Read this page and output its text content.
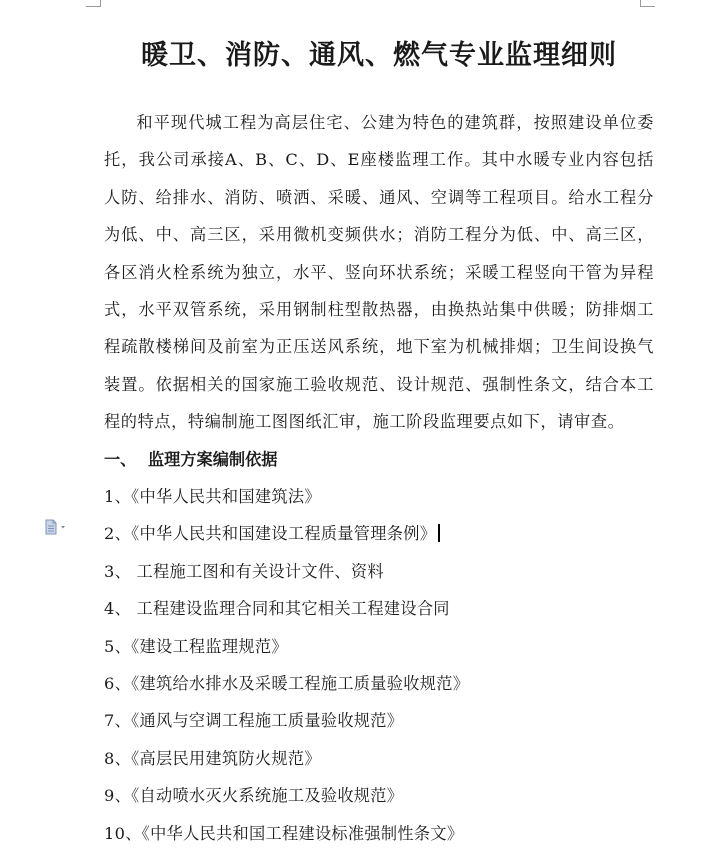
暖卫、消防、通风、燃气专业监理细则

和平现代城工程为高层住宅、公建为特色的建筑群，按照建设单位委托，我公司承接A、B、C、D、E座楼监理工作。其中水暖专业内容包括人防、给排水、消防、喷洒、采暖、通风、空调等工程项目。给水工程分为低、中、高三区，采用微机变频供水；消防工程分为低、中、高三区，各区消火栓系统为独立，水平、竖向环状系统；采暖工程竖向干管为异程式，水平双管系统，采用钢制柱型散热器，由换热站集中供暖；防排烟工程疏散楼梯间及前室为正压送风系统，地下室为机械排烟；卫生间设换气装置。依据相关的国家施工验收规范、设计规范、强制性条文，结合本工程的特点，特编制施工图图纸汇审，施工阶段监理要点如下，请审查。

一、 监理方案编制依据
1、《中华人民共和国建筑法》
2、《中华人民共和国建设工程质量管理条例》
3、 工程施工图和有关设计文件、资料
4、 工程建设监理合同和其它相关工程建设合同
5、《建设工程监理规范》
6、《建筑给水排水及采暖工程施工质量验收规范》
7、《通风与空调工程施工质量验收规范》
8、《高层民用建筑防火规范》
9、《自动喷水灭火系统施工及验收规范》
10、《中华人民共和国工程建设标准强制性条文》
